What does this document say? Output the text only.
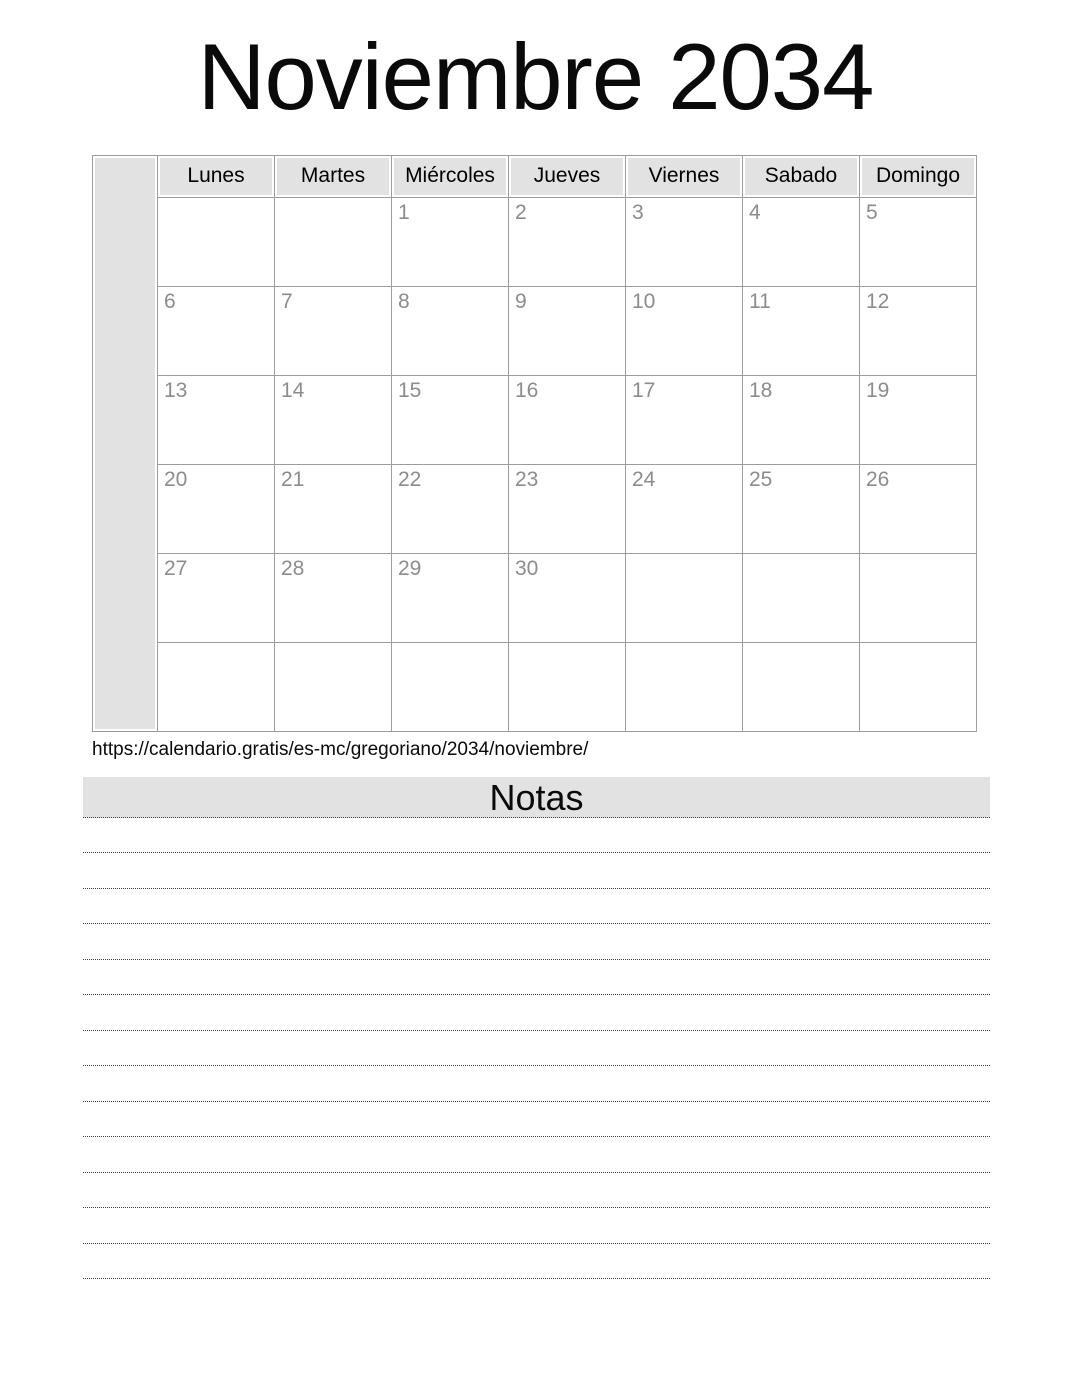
Noviembre 2034
	Lunes	Martes	Miércoles	Jueves	Viernes	Sabado	Domingo
			1	2	3	4	5
	6	7	8	9	10	11	12
	13	14	15	16	17	18	19
	20	21	22	23	24	25	26
	27	28	29	30			

https://calendario.gratis/es-mc/gregoriano/2034/noviembre/
Notas
